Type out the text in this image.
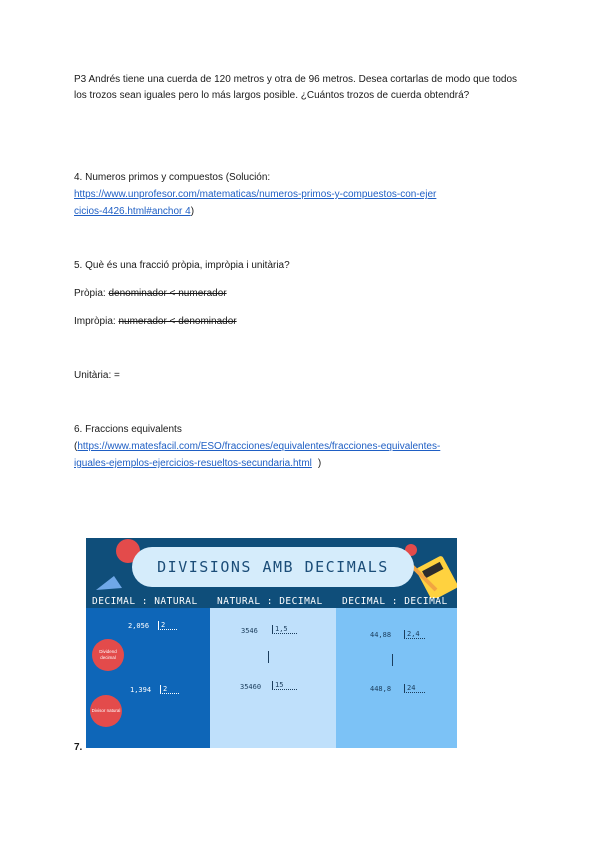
P3 Andrés tiene una cuerda de 120 metros y otra de 96 metros. Desea cortarlas de modo que todos
los trozos sean iguales pero lo más largos posible. ¿Cuántos trozos de cuerda obtendrá?
4. Numeros primos y compuestos (Solución:
https://www.unprofesor.com/matematicas/numeros-primos-y-compuestos-con-ejer
cicios-4426.html#anchor 4)
5. Què és una fracció pròpia, impròpia i unitària?
Pròpia: denominador < numerador
Impròpia: numerador < denominador
Unitària: =
6. Fraccions equivalents
(https://www.matesfacil.com/ESO/fracciones/equivalentes/fracciones-equivalentes-
iguales-ejemplos-ejercicios-resueltos-secundaria.html )
DIVISIONS AMB DECIMALS
DECIMAL : NATURAL NATURAL : DECIMAL DECIMAL : DECIMAL
2,056	2
Dividend decimal
1,394	2
Divisor natural
3546	1,5
35460	15
44,88	2,4
448,8	24
7.
